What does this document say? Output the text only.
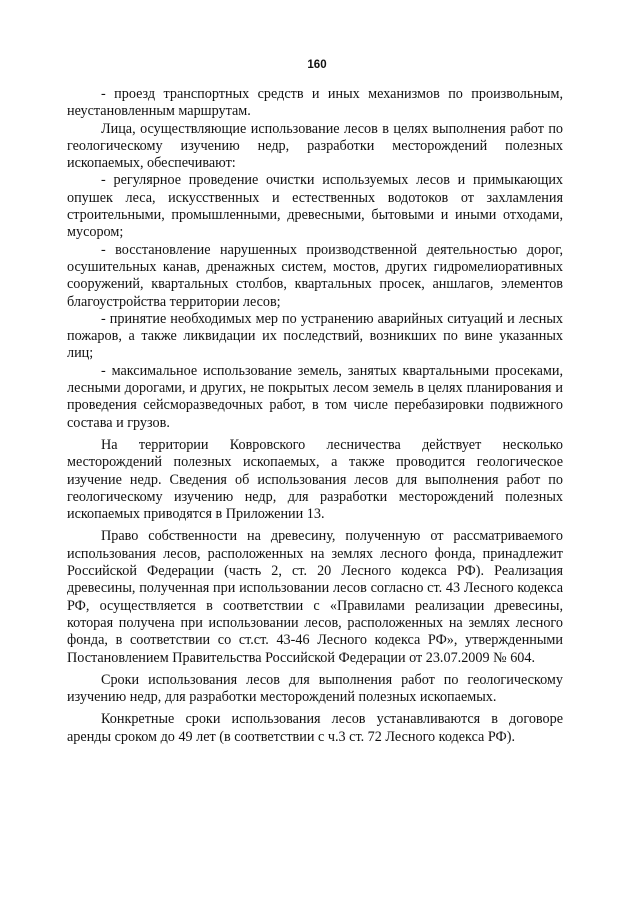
160

- проезд транспортных средств и иных механизмов по произвольным, неустановленным маршрутам.

Лица, осуществляющие использование лесов в целях выполнения работ по геологическому изучению недр, разработки месторождений полезных ископаемых, обеспечивают:

- регулярное проведение очистки используемых лесов и примыкающих опушек леса, искусственных и естественных водотоков от захламления строительными, промышленными, древесными, бытовыми и иными отходами, мусором;

- восстановление нарушенных производственной деятельностью дорог, осушительных канав, дренажных систем, мостов, других гидромелиоративных сооружений, квартальных столбов, квартальных просек, аншлагов, элементов благоустройства территории лесов;

- принятие необходимых мер по устранению аварийных ситуаций и лесных пожаров, а также ликвидации их последствий, возникших по вине указанных лиц;

- максимальное использование земель, занятых квартальными просеками, лесными дорогами, и других, не покрытых лесом земель в целях планирования и проведения сейсморазведочных работ, в том числе перебазировки подвижного состава и грузов.

На территории Ковровского лесничества действует несколько месторождений полезных ископаемых, а также проводится геологическое изучение недр. Сведения об использования лесов для выполнения работ по геологическому изучению недр, для разработки месторождений полезных ископаемых приводятся в Приложении 13.

Право собственности на древесину, полученную от рассматриваемого использования лесов, расположенных на землях лесного фонда, принадлежит Российской Федерации (часть 2, ст. 20 Лесного кодекса РФ). Реализация древесины, полученная при использовании лесов согласно ст. 43 Лесного кодекса РФ, осуществляется в соответствии с «Правилами реализации древесины, которая получена при использовании лесов, расположенных на землях лесного фонда, в соответствии со ст.ст. 43-46 Лесного кодекса РФ», утвержденными Постановлением Правительства Российской Федерации от 23.07.2009 № 604.

Сроки использования лесов для выполнения работ по геологическому изучению недр, для разработки месторождений полезных ископаемых.

Конкретные сроки использования лесов устанавливаются в договоре аренды сроком до 49 лет (в соответствии с ч.3 ст. 72 Лесного кодекса РФ).
